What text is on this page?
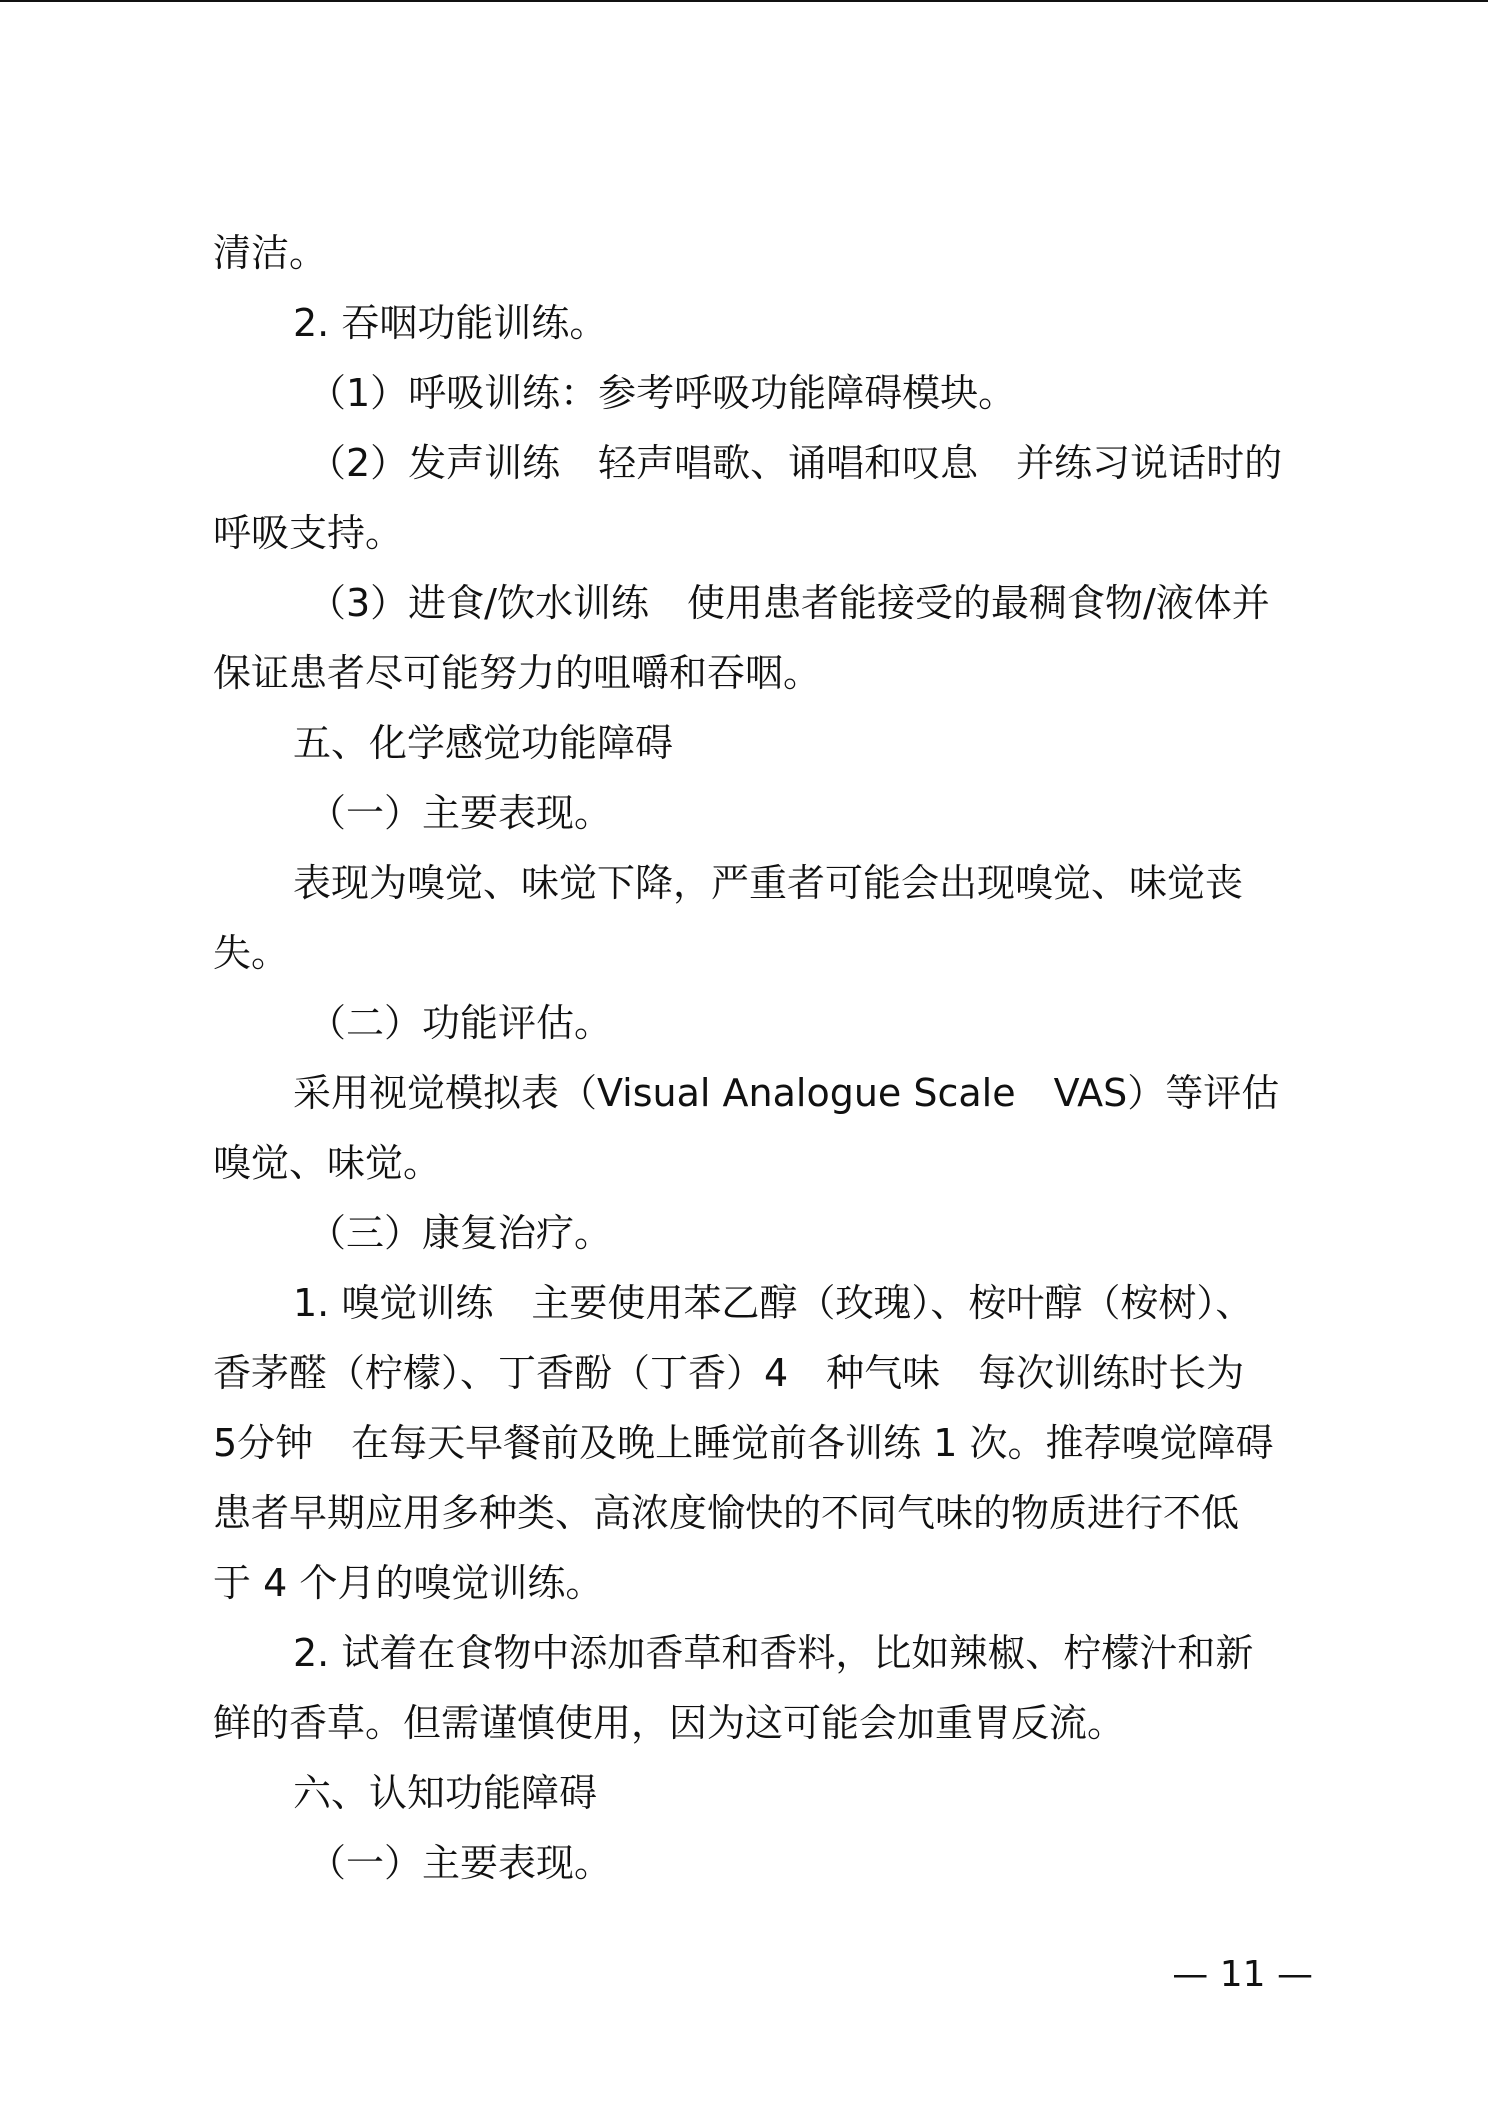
清洁。
2. 吞咽功能训练。
（1）呼吸训练：参考呼吸功能障碍模块。
（2）发声训练　轻声唱歌、诵唱和叹息　并练习说话时的
呼吸支持。
（3）进食/饮水训练　使用患者能接受的最稠食物/液体并
保证患者尽可能努力的咀嚼和吞咽。
五、化学感觉功能障碍
（一）主要表现。
表现为嗅觉、味觉下降，严重者可能会出现嗅觉、味觉丧
失。
（二）功能评估。
采用视觉模拟表（Visual Analogue Scale　VAS）等评估
嗅觉、味觉。
（三）康复治疗。
1. 嗅觉训练　主要使用苯乙醇（玫瑰）、桉叶醇（桉树）、
香茅醛（柠檬）、丁香酚（丁香）4　种气味　每次训练时长为
5分钟　在每天早餐前及晚上睡觉前各训练 1 次。推荐嗅觉障碍
患者早期应用多种类、高浓度愉快的不同气味的物质进行不低
于 4 个月的嗅觉训练。
2. 试着在食物中添加香草和香料，比如辣椒、柠檬汁和新
鲜的香草。但需谨慎使用，因为这可能会加重胃反流。
六、认知功能障碍
（一）主要表现。
— 11 —
